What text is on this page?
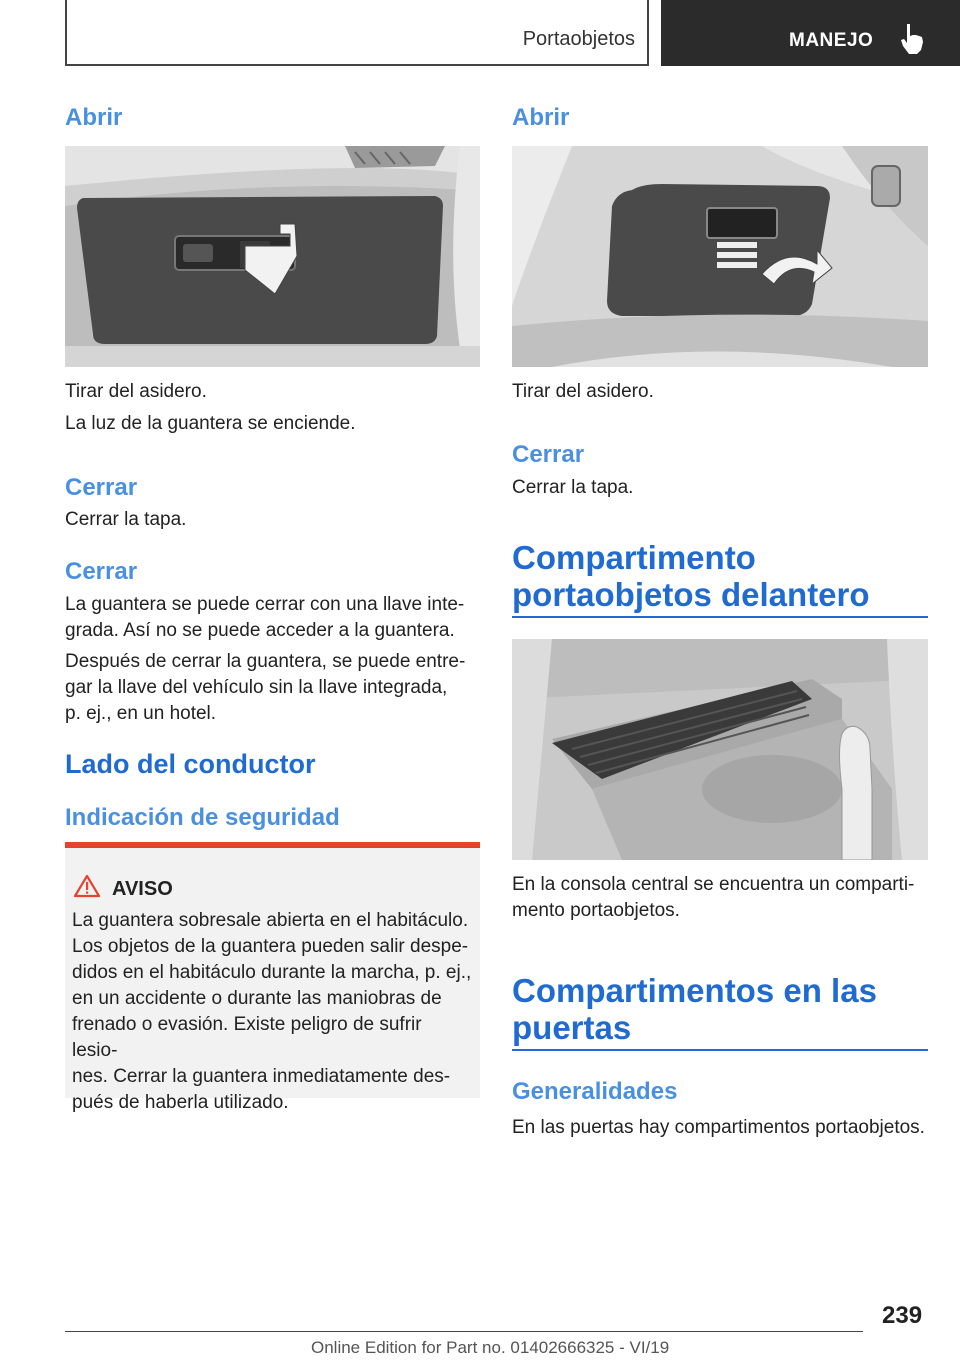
Portaobjetos	MANEJO
Abrir
Tirar del asidero.
La luz de la guantera se enciende.
Cerrar
Cerrar la tapa.
Cerrar
La guantera se puede cerrar con una llave inte-
grada. Así no se puede acceder a la guantera.
Después de cerrar la guantera, se puede entre-
gar la llave del vehículo sin la llave integrada,
p. ej., en un hotel.
Lado del conductor
Indicación de seguridad
AVISO
La guantera sobresale abierta en el habitáculo.
Los objetos de la guantera pueden salir despe-
didos en el habitáculo durante la marcha, p. ej.,
en un accidente o durante las maniobras de
frenado o evasión. Existe peligro de sufrir lesio-
nes. Cerrar la guantera inmediatamente des-
pués de haberla utilizado.
Abrir
Tirar del asidero.
Cerrar
Cerrar la tapa.
Compartimento
portaobjetos delantero
En la consola central se encuentra un comparti-
mento portaobjetos.
Compartimentos en las
puertas
Generalidades
En las puertas hay compartimentos portaobjetos.
239
Online Edition for Part no. 01402666325 - VI/19
